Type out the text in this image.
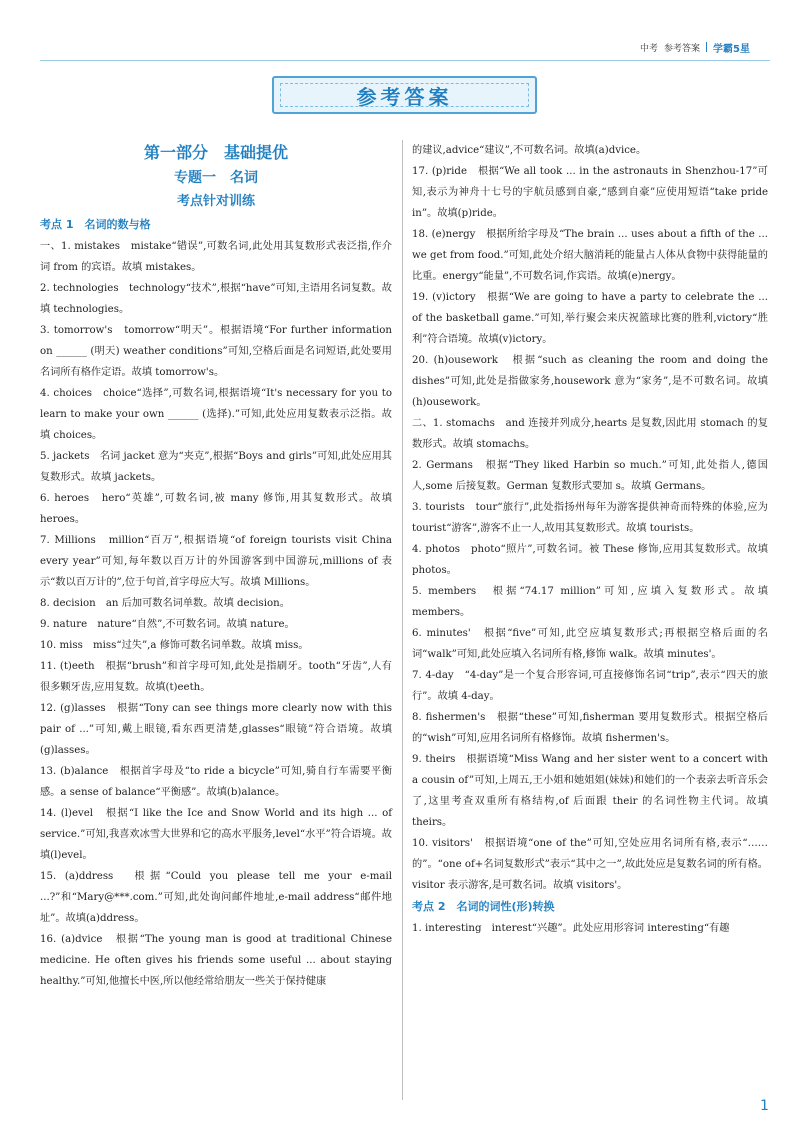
中考 参考答案 学霸5星
参考答案
第一部分　基础提优
专题一　名词
考点针对训练
考点 1　名词的数与格

一、1. mistakes　mistake“错误”,可数名词,此处用其复数形式表泛指,作介词 from 的宾语。故填 mistakes。

2. technologies　technology“技术”,根据“have”可知,主语用名词复数。故填 technologies。

3. tomorrow's　tomorrow“明天”。根据语境“For further information on ______ (明天) weather conditions”可知,空格后面是名词短语,此处要用名词所有格作定语。故填 tomorrow's。

4. choices　choice“选择”,可数名词,根据语境“It's necessary for you to learn to make your own ______ (选择).”可知,此处应用复数表示泛指。故填 choices。

5. jackets　名词 jacket 意为“夹克”,根据“Boys and girls”可知,此处应用其复数形式。故填 jackets。

6. heroes　hero“英雄”,可数名词,被 many 修饰,用其复数形式。故填 heroes。

7. Millions　million“百万”,根据语境“of foreign tourists visit China every year”可知,每年数以百万计的外国游客到中国游玩,millions of 表示“数以百万计的”,位于句首,首字母应大写。故填 Millions。

8. decision　an 后加可数名词单数。故填 decision。

9. nature　nature“自然”,不可数名词。故填 nature。

10. miss　miss“过失”,a 修饰可数名词单数。故填 miss。

11. (t)eeth　根据“brush”和首字母可知,此处是指刷牙。tooth“牙齿”,人有很多颗牙齿,应用复数。故填(t)eeth。

12. (g)lasses　根据“Tony can see things more clearly now with this pair of ...”可知,戴上眼镜,看东西更清楚,glasses“眼镜”符合语境。故填(g)lasses。

13. (b)alance　根据首字母及“to ride a bicycle”可知,骑自行车需要平衡感。a sense of balance“平衡感”。故填(b)alance。

14. (l)evel　根据“I like the Ice and Snow World and its high ... of service.”可知,我喜欢冰雪大世界和它的高水平服务,level“水平”符合语境。故填(l)evel。

15. (a)ddress　根据“Could you please tell me your e-mail ...?”和“Mary@***.com.”可知,此处询问邮件地址,e-mail address“邮件地址”。故填(a)ddress。

16. (a)dvice　根据“The young man is good at traditional Chinese medicine. He often gives his friends some useful ... about staying healthy.”可知,他擅长中医,所以他经常给朋友一些关于保持健康

的建议,advice“建议”,不可数名词。故填(a)dvice。

17. (p)ride　根据“We all took ... in the astronauts in Shenzhou-17”可知,表示为神舟十七号的宇航员感到自豪,“感到自豪”应使用短语“take pride in”。故填(p)ride。

18. (e)nergy　根据所给字母及“The brain ... uses about a fifth of the ... we get from food.”可知,此处介绍大脑消耗的能量占人体从食物中获得能量的比重。energy“能量”,不可数名词,作宾语。故填(e)nergy。

19. (v)ictory　根据“We are going to have a party to celebrate the ... of the basketball game.”可知,举行聚会来庆祝篮球比赛的胜利,victory“胜利”符合语境。故填(v)ictory。

20. (h)ousework　根据“such as cleaning the room and doing the dishes”可知,此处是指做家务,housework 意为“家务”,是不可数名词。故填(h)ousework。

二、1. stomachs　and 连接并列成分,hearts 是复数,因此用 stomach 的复数形式。故填 stomachs。

2. Germans　根据“They liked Harbin so much.”可知,此处指人,德国人,some 后接复数。German 复数形式要加 s。故填 Germans。

3. tourists　tour“旅行”,此处指扬州每年为游客提供神奇而特殊的体验,应为 tourist“游客”,游客不止一人,故用其复数形式。故填 tourists。

4. photos　photo“照片”,可数名词。被 These 修饰,应用其复数形式。故填 photos。

5. members　根据“74.17 million”可知,应填入复数形式。故填 members。

6. minutes'　根据“five”可知,此空应填复数形式;再根据空格后面的名词“walk”可知,此处应填入名词所有格,修饰 walk。故填 minutes'。

7. 4-day　“4-day”是一个复合形容词,可直接修饰名词“trip”,表示“四天的旅行”。故填 4-day。

8. fishermen's　根据“these”可知,fisherman 要用复数形式。根据空格后的“wish”可知,应用名词所有格修饰。故填 fishermen's。

9. theirs　根据语境“Miss Wang and her sister went to a concert with a cousin of”可知,上周五,王小姐和她姐姐(妹妹)和她们的一个表亲去听音乐会了,这里考查双重所有格结构,of 后面跟 their 的名词性物主代词。故填 theirs。

10. visitors'　根据语境“one of the”可知,空处应用名词所有格,表示“……的”。“one of+名词复数形式”表示“其中之一”,故此处应是复数名词的所有格。visitor 表示游客,是可数名词。故填 visitors'。

考点 2　名词的词性(形)转换

1. interesting　interest“兴趣”。此处应用形容词 interesting“有趣

1
